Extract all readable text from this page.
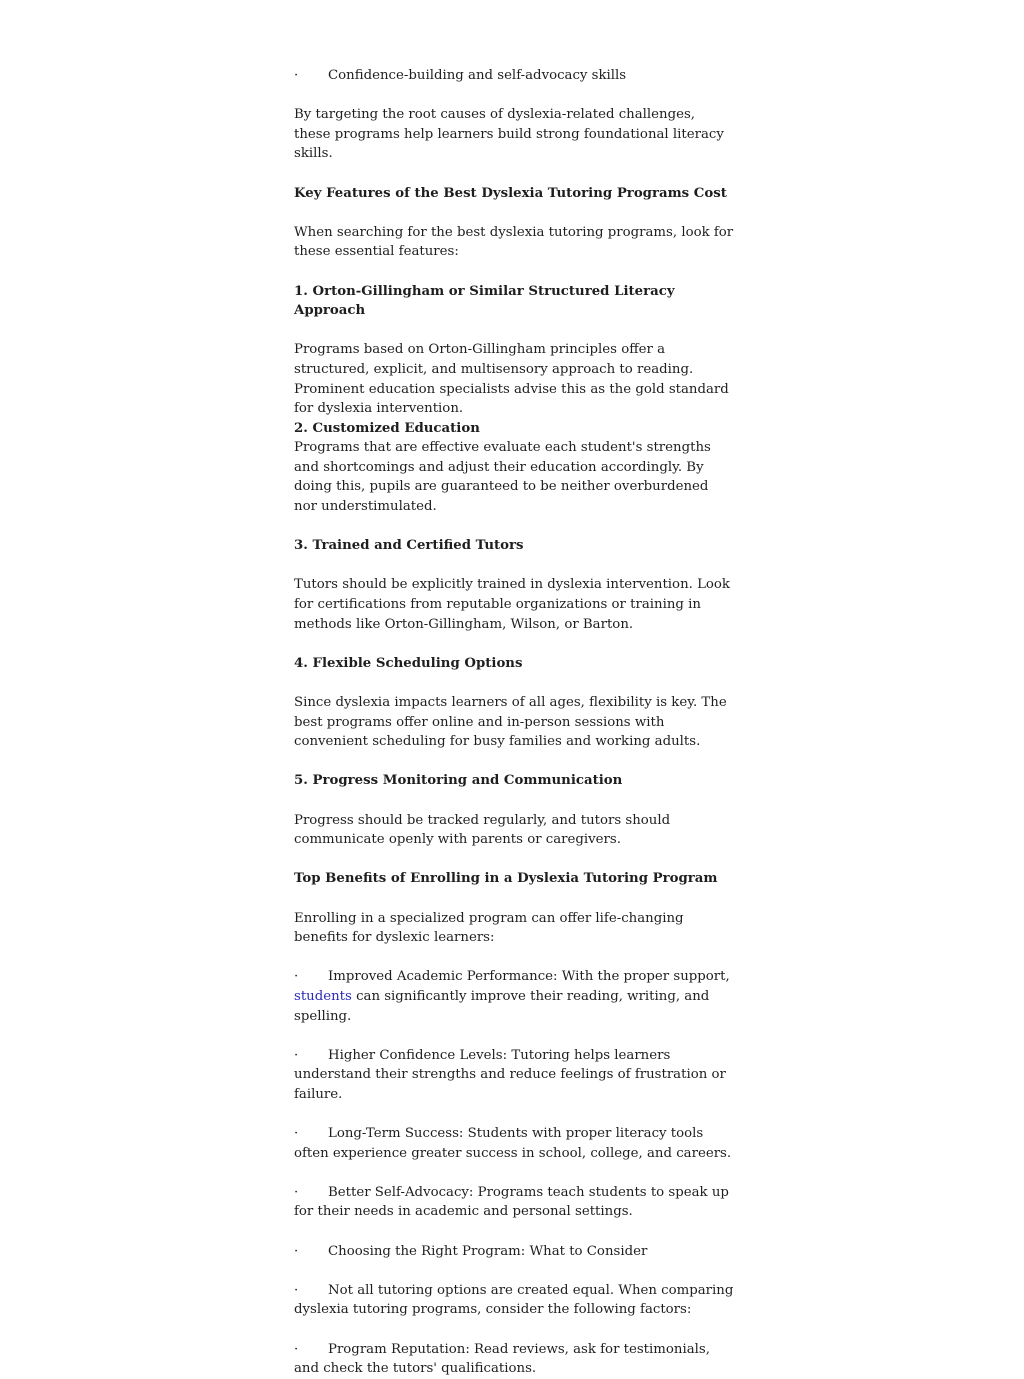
· Confidence-building and self-advocacy skills

By targeting the root causes of dyslexia-related challenges, these programs help learners build strong foundational literacy skills.

Key Features of the Best Dyslexia Tutoring Programs Cost

When searching for the best dyslexia tutoring programs, look for these essential features:

1. Orton-Gillingham or Similar Structured Literacy Approach

Programs based on Orton-Gillingham principles offer a structured, explicit, and multisensory approach to reading. Prominent education specialists advise this as the gold standard for dyslexia intervention.

2. Customized Education

Programs that are effective evaluate each student's strengths and shortcomings and adjust their education accordingly. By doing this, pupils are guaranteed to be neither overburdened nor understimulated.

3. Trained and Certified Tutors

Tutors should be explicitly trained in dyslexia intervention. Look for certifications from reputable organizations or training in methods like Orton-Gillingham, Wilson, or Barton.

4. Flexible Scheduling Options

Since dyslexia impacts learners of all ages, flexibility is key. The best programs offer online and in-person sessions with convenient scheduling for busy families and working adults.

5. Progress Monitoring and Communication

Progress should be tracked regularly, and tutors should communicate openly with parents or caregivers.

Top Benefits of Enrolling in a Dyslexia Tutoring Program

Enrolling in a specialized program can offer life-changing benefits for dyslexic learners:

· Improved Academic Performance: With the proper support, students can significantly improve their reading, writing, and spelling.

· Higher Confidence Levels: Tutoring helps learners understand their strengths and reduce feelings of frustration or failure.

· Long-Term Success: Students with proper literacy tools often experience greater success in school, college, and careers.

· Better Self-Advocacy: Programs teach students to speak up for their needs in academic and personal settings.

· Choosing the Right Program: What to Consider

· Not all tutoring options are created equal. When comparing dyslexia tutoring programs, consider the following factors:

· Program Reputation: Read reviews, ask for testimonials, and check the tutors' qualifications.
